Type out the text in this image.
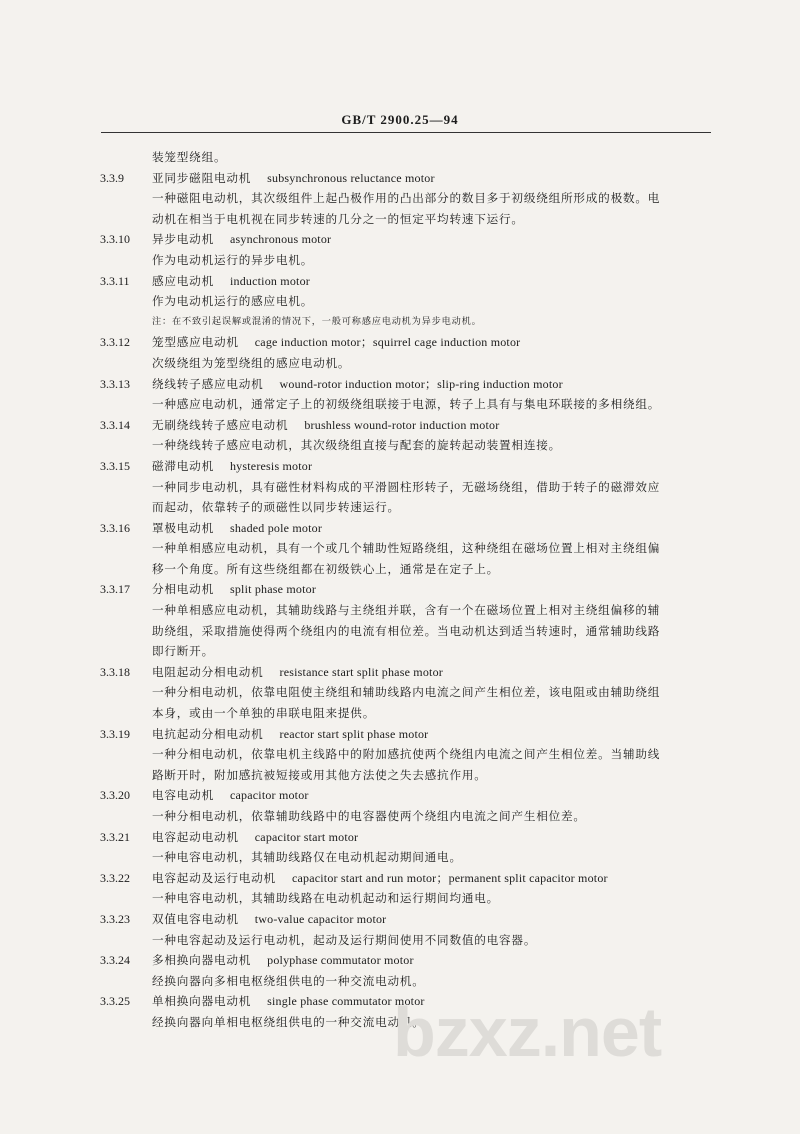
GB/T 2900.25—94
装笼型绕组。
3.3.9 亚同步磁阻电动机 subsynchronous reluctance motor
一种磁阻电动机，其次级组件上起凸极作用的凸出部分的数目多于初级绕组所形成的极数。电
动机在相当于电机视在同步转速的几分之一的恒定平均转速下运行。
3.3.10 异步电动机 asynchronous motor
作为电动机运行的异步电机。
3.3.11 感应电动机 induction motor
作为电动机运行的感应电机。
注：在不致引起误解或混淆的情况下，一般可称感应电动机为异步电动机。
3.3.12 笼型感应电动机 cage induction motor；squirrel cage induction motor
次级绕组为笼型绕组的感应电动机。
3.3.13 绕线转子感应电动机 wound-rotor induction motor；slip-ring induction motor
一种感应电动机，通常定子上的初级绕组联接于电源，转子上具有与集电环联接的多相绕组。
3.3.14 无刷绕线转子感应电动机 brushless wound-rotor induction motor
一种绕线转子感应电动机，其次级绕组直接与配套的旋转起动装置相连接。
3.3.15 磁滞电动机 hysteresis motor
一种同步电动机，具有磁性材料构成的平滑圆柱形转子，无磁场绕组，借助于转子的磁滞效应
而起动，依靠转子的顽磁性以同步转速运行。
3.3.16 罩极电动机 shaded pole motor
一种单相感应电动机，具有一个或几个辅助性短路绕组，这种绕组在磁场位置上相对主绕组偏
移一个角度。所有这些绕组都在初级铁心上，通常是在定子上。
3.3.17 分相电动机 split phase motor
一种单相感应电动机，其辅助线路与主绕组并联，含有一个在磁场位置上相对主绕组偏移的辅
助绕组，采取措施使得两个绕组内的电流有相位差。当电动机达到适当转速时，通常辅助线路
即行断开。
3.3.18 电阻起动分相电动机 resistance start split phase motor
一种分相电动机，依靠电阻使主绕组和辅助线路内电流之间产生相位差，该电阻或由辅助绕组
本身，或由一个单独的串联电阻来提供。
3.3.19 电抗起动分相电动机 reactor start split phase motor
一种分相电动机，依靠电机主线路中的附加感抗使两个绕组内电流之间产生相位差。当辅助线
路断开时，附加感抗被短接或用其他方法使之失去感抗作用。
3.3.20 电容电动机 capacitor motor
一种分相电动机，依靠辅助线路中的电容器使两个绕组内电流之间产生相位差。
3.3.21 电容起动电动机 capacitor start motor
一种电容电动机，其辅助线路仅在电动机起动期间通电。
3.3.22 电容起动及运行电动机 capacitor start and run motor；permanent split capacitor motor
一种电容电动机，其辅助线路在电动机起动和运行期间均通电。
3.3.23 双值电容电动机 two-value capacitor motor
一种电容起动及运行电动机，起动及运行期间使用不同数值的电容器。
3.3.24 多相换向器电动机 polyphase commutator motor
经换向器向多相电枢绕组供电的一种交流电动机。
3.3.25 单相换向器电动机 single phase commutator motor
经换向器向单相电枢绕组供电的一种交流电动机。
bzxz.net
